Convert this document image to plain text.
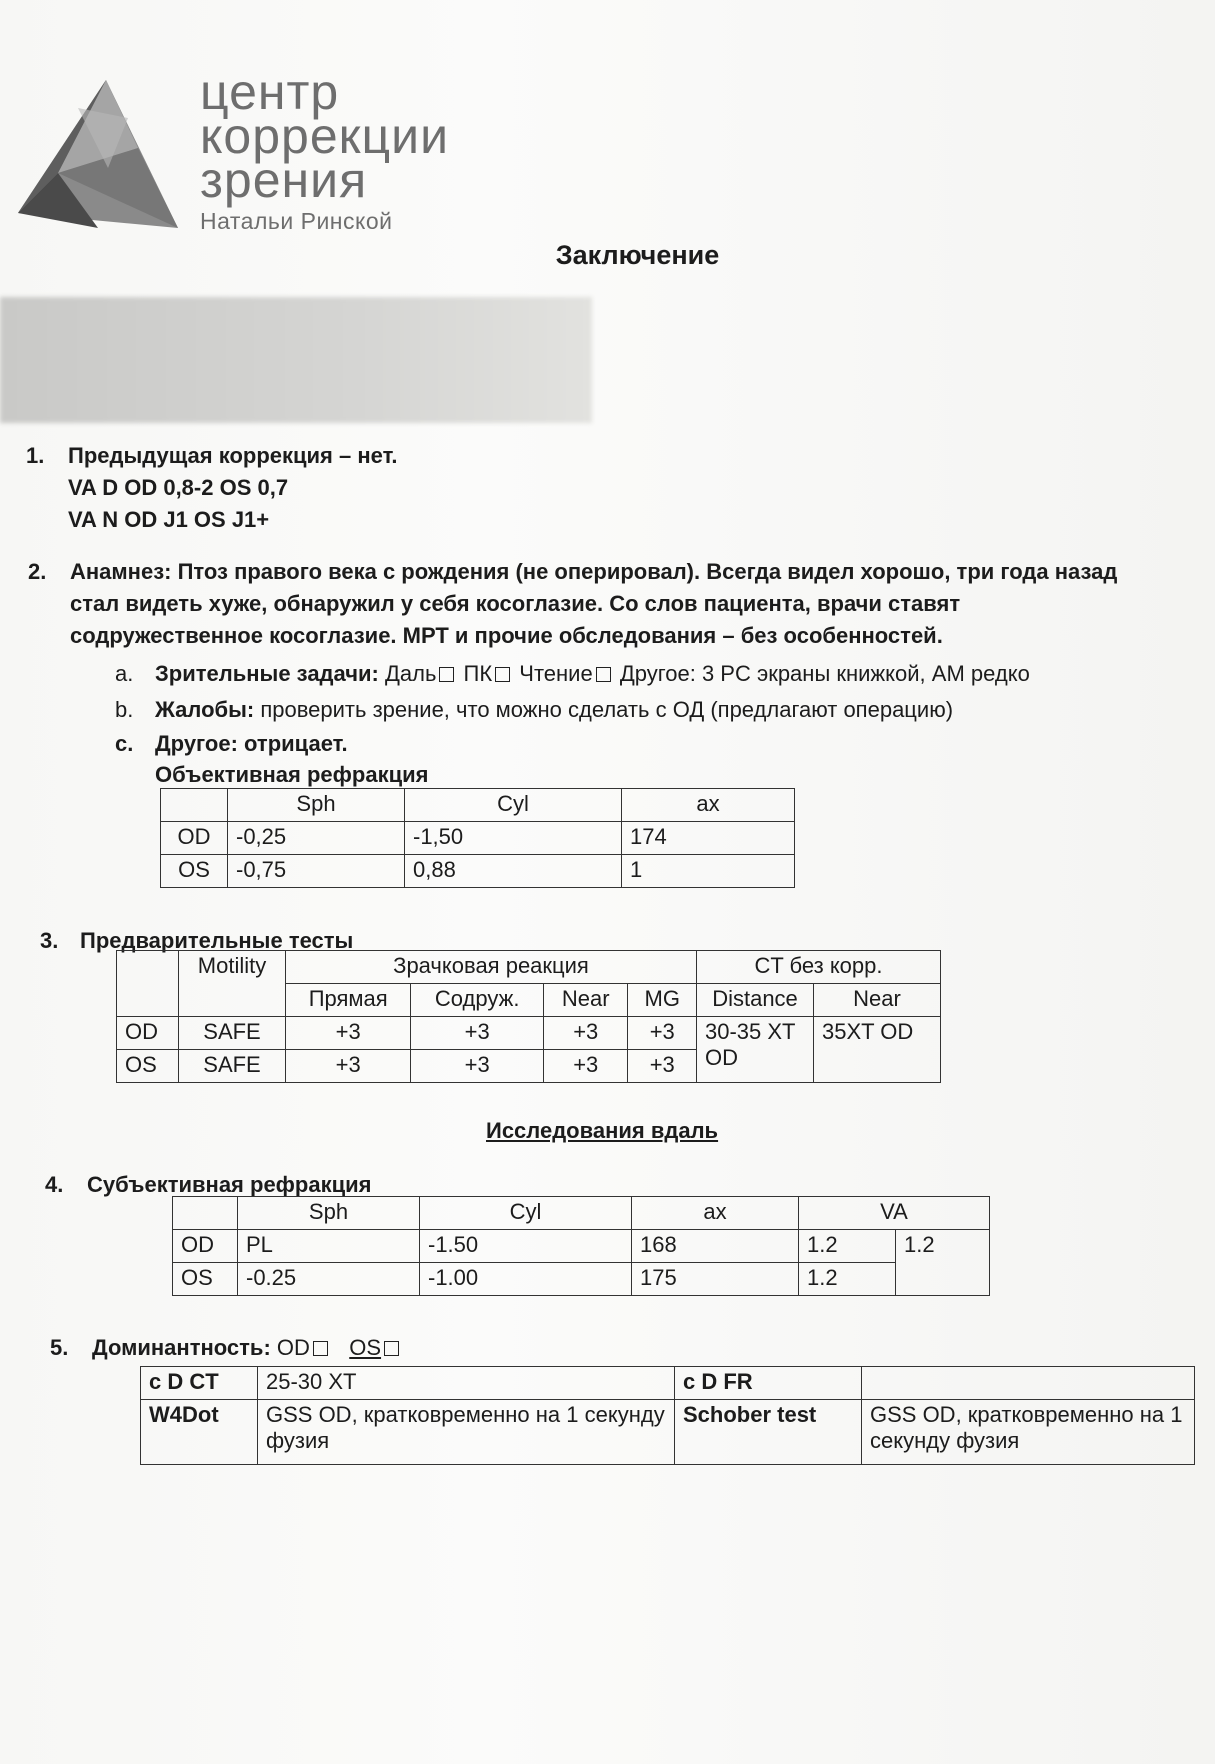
центр
коррекции
зрения
Натальи Ринской
Заключение
1. Предыдущая коррекция – нет.
VA D OD 0,8-2 OS 0,7
VA N OD J1 OS J1+
2. Анамнез: Птоз правого века с рождения (не оперировал). Всегда видел хорошо, три года назад
стал видеть хуже, обнаружил у себя косоглазие. Со слов пациента, врачи ставят
содружественное косоглазие. МРТ и прочие обследования – без особенностей.
a. Зрительные задачи: Даль ПК Чтение Другое: 3 PC экраны книжкой, АМ редко
b. Жалобы: проверить зрение, что можно сделать с ОД (предлагают операцию)
c. Другое: отрицает.
Объективная рефракция
	Sph	Cyl	ax
OD	-0,25	-1,50	174
OS	-0,75	0,88	1
3. Предварительные тесты
	Motility	Зрачковая реакция				CT без корр.	
		Прямая	Содруж.	Near	MG	Distance	Near
OD	SAFE	+3	+3	+3	+3	30-35 XT OD	35XT OD
OS	SAFE	+3	+3	+3	+3		
Исследования вдаль
4. Субъективная рефракция
	Sph	Cyl	ax	VA	
OD	PL	-1.50	168	1.2	1.2
OS	-0.25	-1.00	175	1.2	
5. Доминантность: OD OS
c D CT	25-30 XT	c D FR	
W4Dot	GSS OD, кратковременно на 1 секунду фузия	Schober test	GSS OD, кратковременно на 1 секунду фузия
